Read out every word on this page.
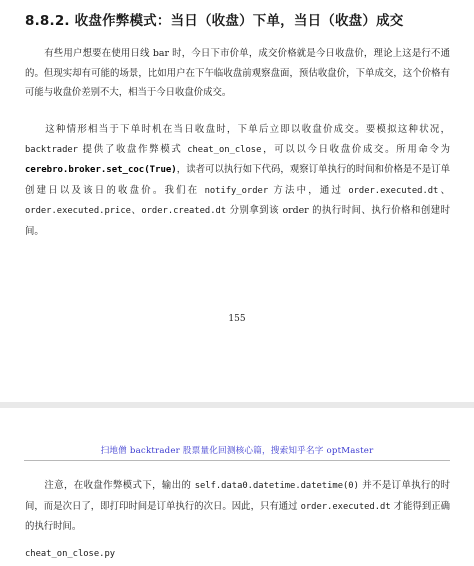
8.8.2. 收盘作弊模式：当日（收盘）下单，当日（收盘）成交

有些用户想要在使用日线 bar 时，今日下市价单，成交价格就是今日收盘价，理论上这是行不通的。但现实却有可能的场景，比如用户在下午临收盘前观察盘面，预估收盘价，下单成交，这个价格有可能与收盘价差别不大，相当于今日收盘价成交。

这种情形相当于下单时机在当日收盘时，下单后立即以收盘价成交。要模拟这种状况，backtrader 提供了收盘作弊模式 cheat_on_close，可以以今日收盘价成交。所用命令为 cerebro.broker.set_coc(True)，读者可以执行如下代码，观察订单执行的时间和价格是不是订单创建日以及该日的收盘价。我们在 notify_order 方法中，通过 order.executed.dt、order.executed.price、order.created.dt 分别拿到该 order 的执行时间、执行价格和创建时间。

155
扫地僧 backtrader 股票量化回测核心篇，搜索知乎名字 optMaster

注意，在收盘作弊模式下，输出的 self.data0.datetime.datetime(0) 并不是订单执行的时间，而是次日了，即打印时间是订单执行的次日。因此，只有通过 order.executed.dt 才能得到正确的执行时间。

cheat_on_close.py
